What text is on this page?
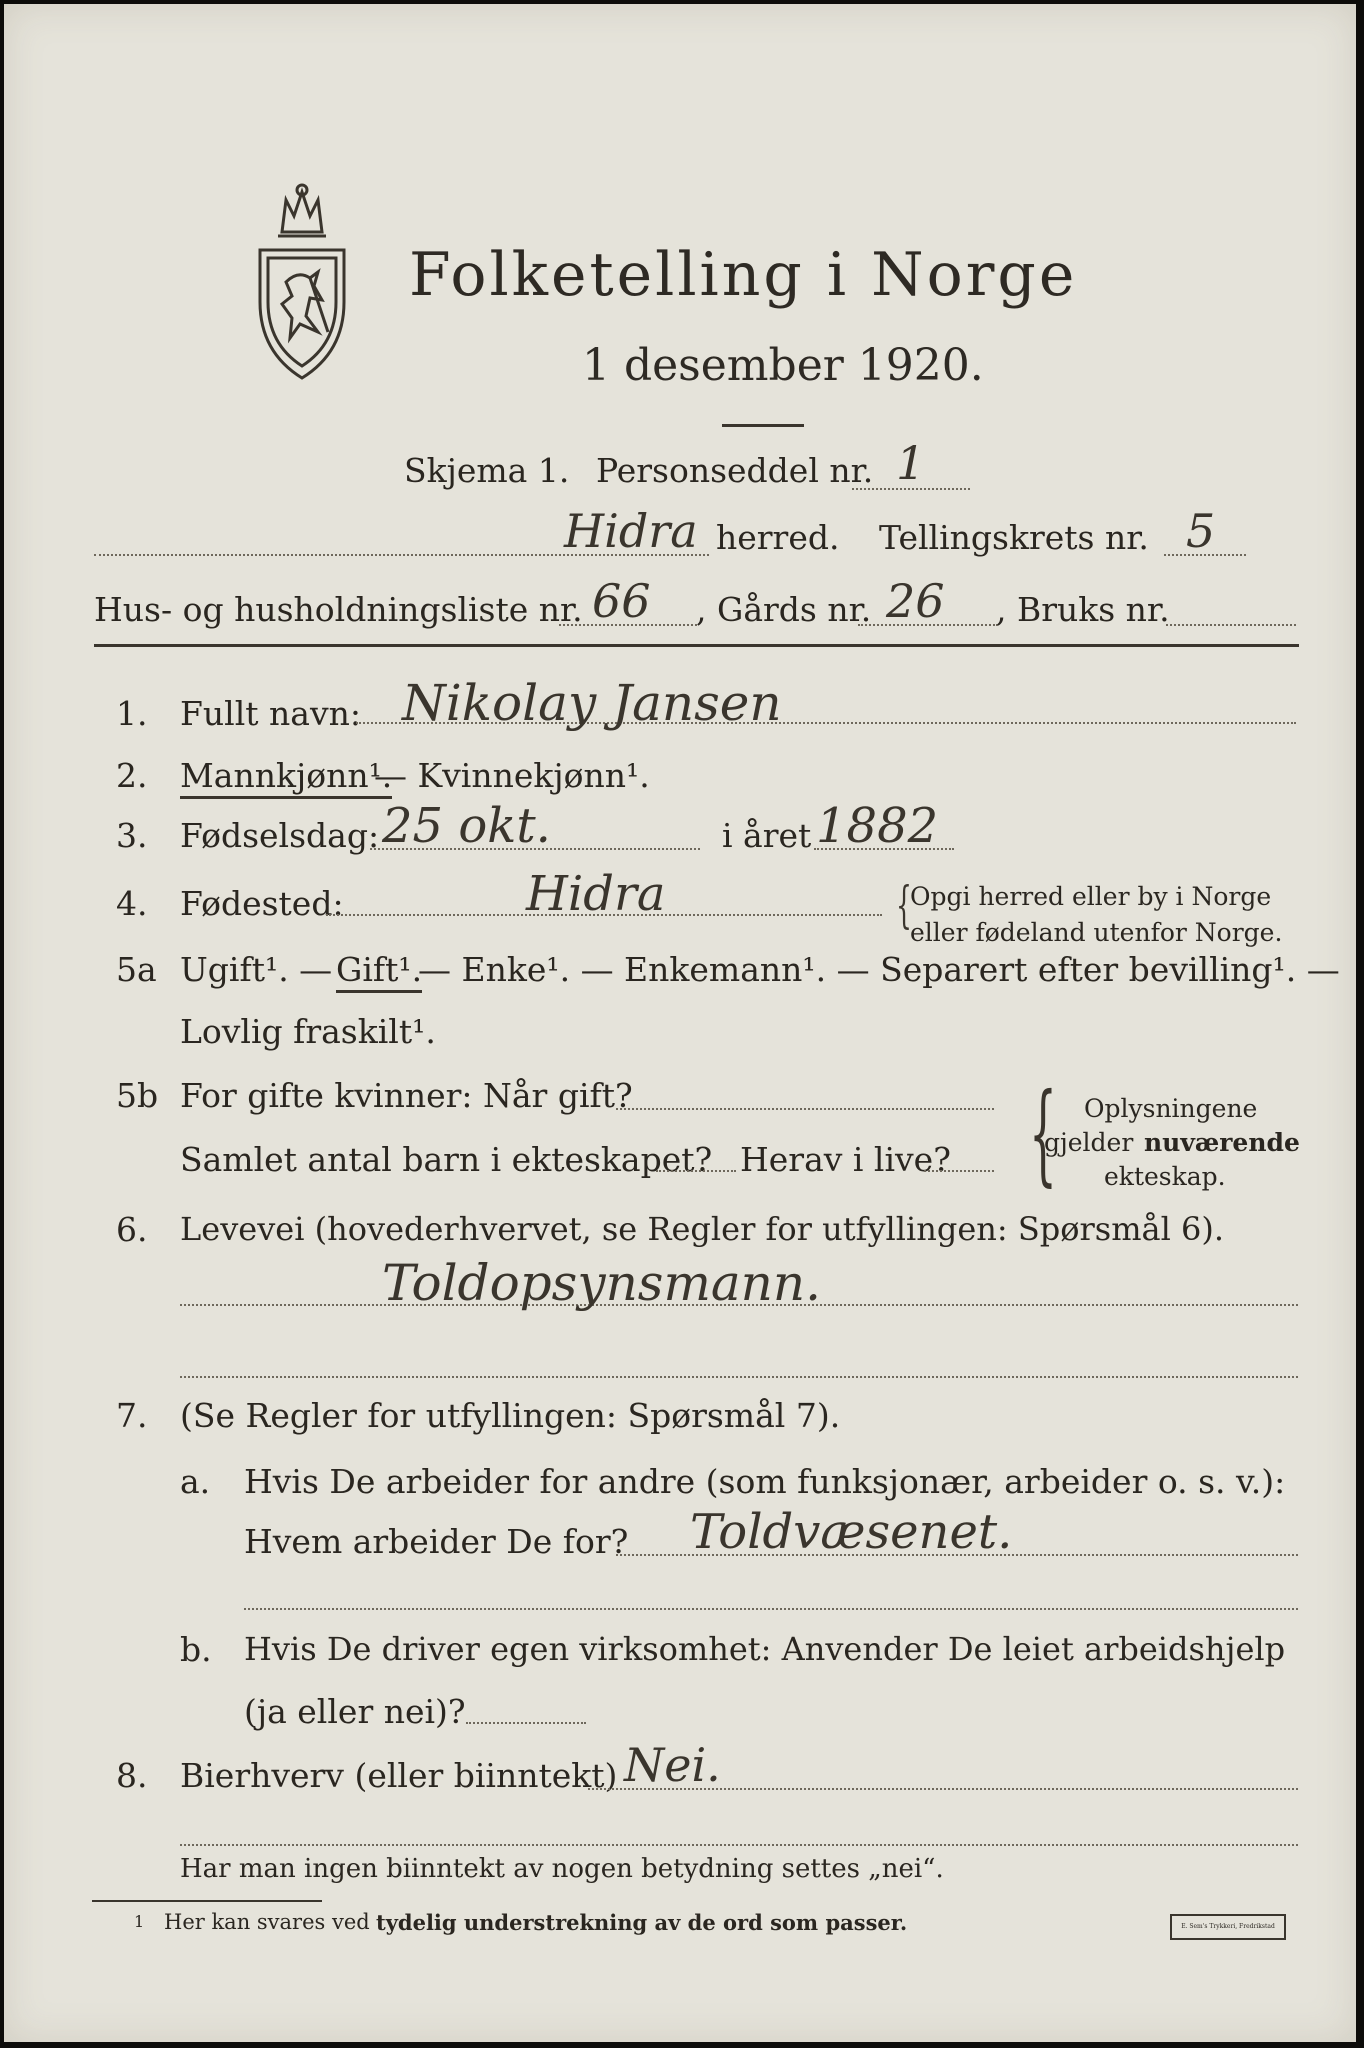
Folketelling i Norge
1 desember 1920.
Skjema 1. Personseddel nr. 1
Hidra herred. Tellingskrets nr. 5
Hus- og husholdningsliste nr. 66 , Gårds nr. 26 , Bruks nr.
1. Fullt navn: Nikolay Jansen
2. Mannkjønn¹.
— Kvinnekjønn¹.
3. Fødselsdag: 25 okt.	i året 1882
4. Fødested:	Hidra	{
Opgi herred eller by i Norge
eller fødeland utenfor Norge.
5a Ugift¹. — Gift¹.
— Enke¹. — Enkemann¹. — Separert efter bevilling¹. —
Lovlig fraskilt¹.
5b For gifte kvinner: Når gift?
Samlet antal barn i ekteskapet? Herav i live? { Oplysningene
gjelder nuværende
ekteskap.
6. Levevei (hovederhvervet, se Regler for utfyllingen: Spørsmål 6).
Toldopsynsmann.
7. (Se Regler for utfyllingen: Spørsmål 7).
a. Hvis De arbeider for andre (som funksjonær, arbeider o. s. v.):
Hvem arbeider De for? Toldvæsenet.
b. Hvis De driver egen virksomhet: Anvender De leiet arbeidshjelp
(ja eller nei)?
8. Bierhverv (eller biinntekt) Nei.
Har man ingen biinntekt av nogen betydning settes „nei“.
1 Her kan svares ved tydelig understrekning av de ord som passer.	E. Sem's Trykkeri, Fredrikstad
